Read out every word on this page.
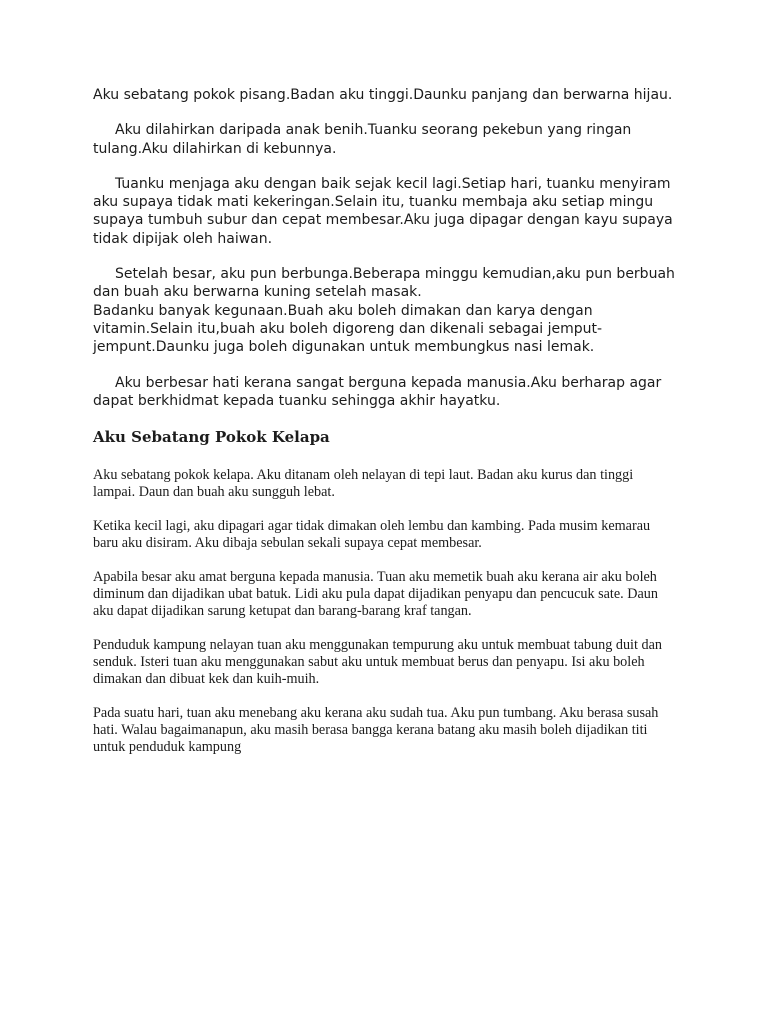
Aku sebatang pokok pisang.Badan aku tinggi.Daunku panjang dan berwarna hijau.

Aku dilahirkan daripada anak benih.Tuanku seorang pekebun yang ringan tulang.Aku dilahirkan di kebunnya.

Tuanku menjaga aku dengan baik sejak kecil lagi.Setiap hari, tuanku menyiram aku supaya tidak mati kekeringan.Selain itu, tuanku membaja aku setiap mingu supaya tumbuh subur dan cepat membesar.Aku juga dipagar dengan kayu supaya tidak dipijak oleh haiwan.

Setelah besar, aku pun berbunga.Beberapa minggu kemudian,aku pun berbuah dan buah aku berwarna kuning setelah masak.

Badanku banyak kegunaan.Buah aku boleh dimakan dan karya dengan vitamin.Selain itu,buah aku boleh digoreng dan dikenali sebagai jemput-jempunt.Daunku juga boleh digunakan untuk membungkus nasi lemak.

Aku berbesar hati kerana sangat berguna kepada manusia.Aku berharap agar dapat berkhidmat kepada tuanku sehingga akhir hayatku.

Aku Sebatang Pokok Kelapa

Aku sebatang pokok kelapa. Aku ditanam oleh nelayan di tepi laut. Badan aku kurus dan tinggi lampai. Daun dan buah aku sungguh lebat.

Ketika kecil lagi, aku dipagari agar tidak dimakan oleh lembu dan kambing. Pada musim kemarau baru aku disiram. Aku dibaja sebulan sekali supaya cepat membesar.

Apabila besar aku amat berguna kepada manusia. Tuan aku memetik buah aku kerana air aku boleh diminum dan dijadikan ubat batuk. Lidi aku pula dapat dijadikan penyapu dan pencucuk sate. Daun aku dapat dijadikan sarung ketupat dan barang-barang kraf tangan.

Penduduk kampung nelayan tuan aku menggunakan tempurung aku untuk membuat tabung duit dan senduk. Isteri tuan aku menggunakan sabut aku untuk membuat berus dan penyapu. Isi aku boleh dimakan dan dibuat kek dan kuih-muih.

Pada suatu hari, tuan aku menebang aku kerana aku sudah tua. Aku pun tumbang. Aku berasa susah hati. Walau bagaimanapun, aku masih berasa bangga kerana batang aku masih boleh dijadikan titi untuk penduduk kampung
